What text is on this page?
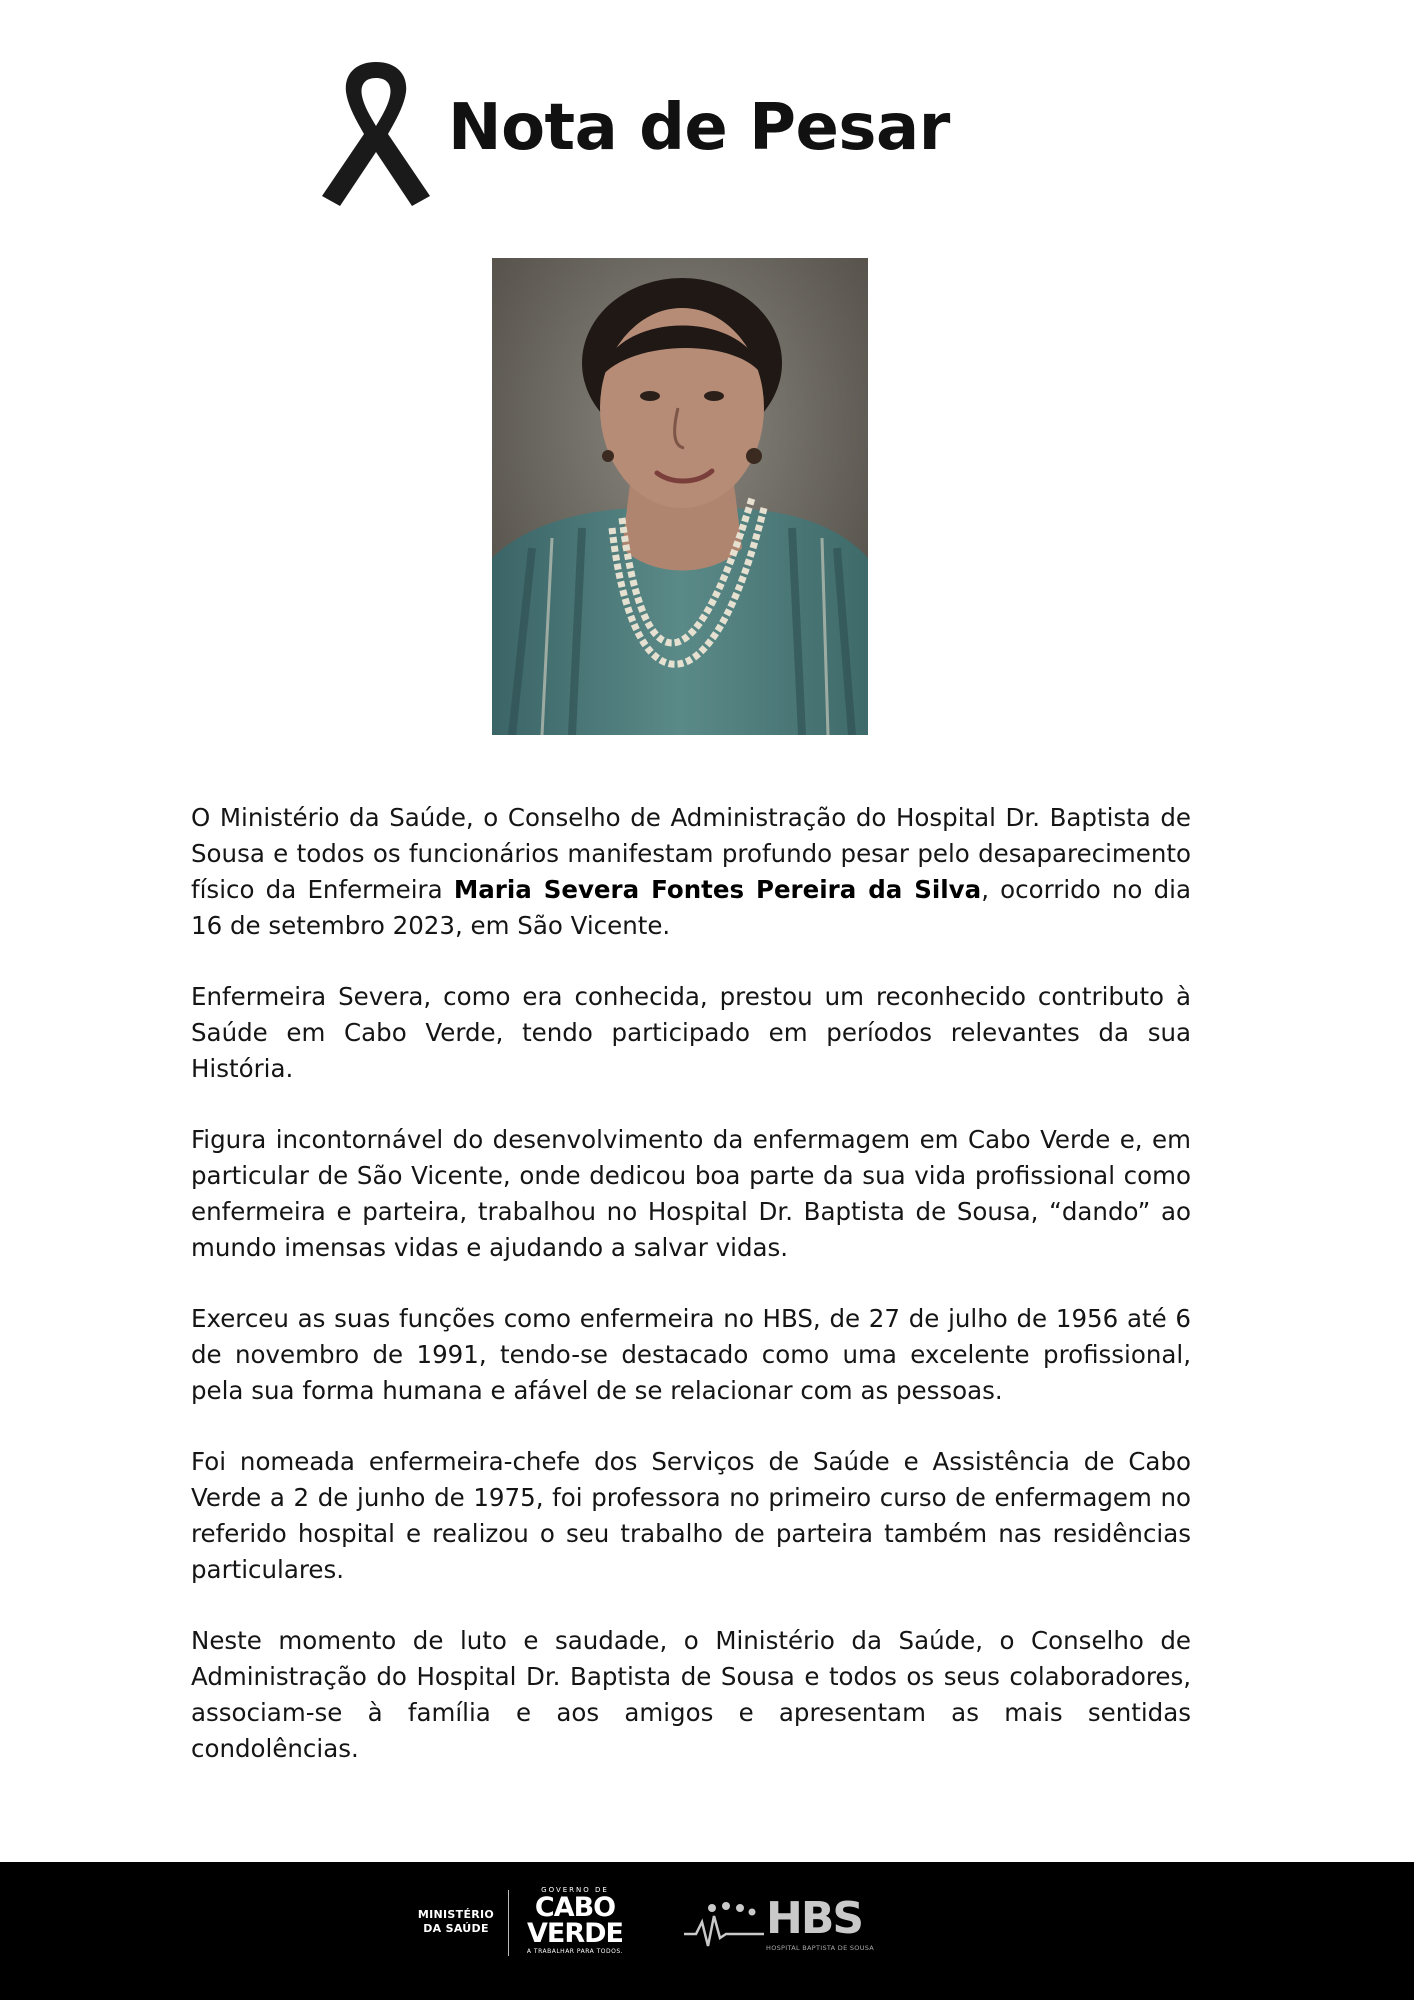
Nota de Pesar

O Ministério da Saúde, o Conselho de Administração do Hospital Dr. Baptista de Sousa e todos os funcionários manifestam profundo pesar pelo desaparecimento físico da Enfermeira Maria Severa Fontes Pereira da Silva, ocorrido no dia 16 de setembro 2023, em São Vicente.

Enfermeira Severa, como era conhecida, prestou um reconhecido contributo à Saúde em Cabo Verde, tendo participado em períodos relevantes da sua História.

Figura incontornável do desenvolvimento da enfermagem em Cabo Verde e, em particular de São Vicente, onde dedicou boa parte da sua vida profissional como enfermeira e parteira, trabalhou no Hospital Dr. Baptista de Sousa, “dando” ao mundo imensas vidas e ajudando a salvar vidas.

Exerceu as suas funções como enfermeira no HBS, de 27 de julho de 1956 até 6 de novembro de 1991, tendo-se destacado como uma excelente profissional, pela sua forma humana e afável de se relacionar com as pessoas.

Foi nomeada enfermeira-chefe dos Serviços de Saúde e Assistência de Cabo Verde a 2 de junho de 1975, foi professora no primeiro curso de enfermagem no referido hospital e realizou o seu trabalho de parteira também nas residências particulares.

Neste momento de luto e saudade, o Ministério da Saúde, o Conselho de Administração do Hospital Dr. Baptista de Sousa e todos os seus colaboradores, associam-se à família e aos amigos e apresentam as mais sentidas condolências.

MINISTÉRIO
DA SAÚDE
GOVERNO DE
CABO
VERDE
A TRABALHAR PARA TODOS.
HBS
HOSPITAL BAPTISTA DE SOUSA
